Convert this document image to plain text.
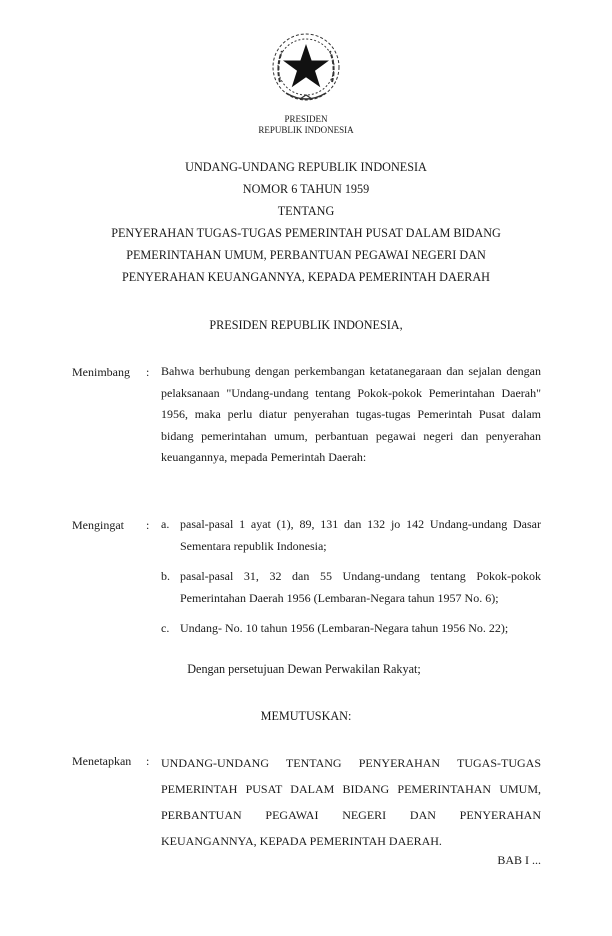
PRESIDEN
REPUBLIK INDONESIA
UNDANG-UNDANG REPUBLIK INDONESIA
NOMOR 6 TAHUN 1959
TENTANG
PENYERAHAN TUGAS-TUGAS PEMERINTAH PUSAT DALAM BIDANG
PEMERINTAHAN UMUM, PERBANTUAN PEGAWAI NEGERI DAN
PENYERAHAN KEUANGANNYA, KEPADA PEMERINTAH DAERAH
PRESIDEN REPUBLIK INDONESIA,
Menimbang : Bahwa berhubung dengan perkembangan ketatanegaraan dan sejalan dengan pelaksanaan "Undang-undang tentang Pokok-pokok Pemerintahan Daerah" 1956, maka perlu diatur penyerahan tugas-tugas Pemerintah Pusat dalam bidang pemerintahan umum, perbantuan pegawai negeri dan penyerahan keuangannya, mepada Pemerintah Daerah:
Mengingat : a. pasal-pasal 1 ayat (1), 89, 131 dan 132 jo 142 Undang-undang Dasar Sementara republik Indonesia;
b. pasal-pasal 31, 32 dan 55 Undang-undang tentang Pokok-pokok Pemerintahan Daerah 1956 (Lembaran-Negara tahun 1957 No. 6);
c. Undang- No. 10 tahun 1956 (Lembaran-Negara tahun 1956 No. 22);
Dengan persetujuan Dewan Perwakilan Rakyat;
MEMUTUSKAN:
Menetapkan : UNDANG-UNDANG TENTANG PENYERAHAN TUGAS-TUGAS PEMERINTAH PUSAT DALAM BIDANG PEMERINTAHAN UMUM, PERBANTUAN PEGAWAI NEGERI DAN PENYERAHAN KEUANGANNYA, KEPADA PEMERINTAH DAERAH.
BAB I ...
